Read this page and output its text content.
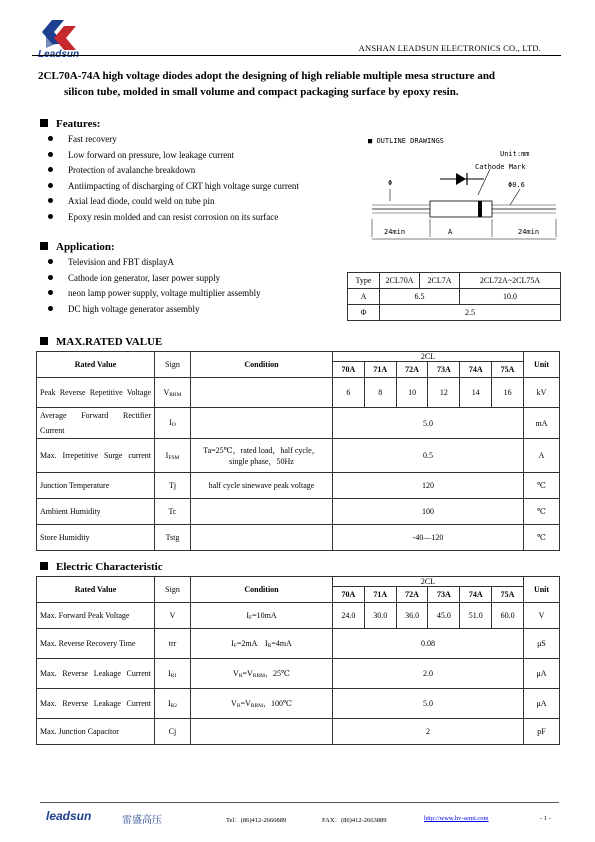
Leadsun
ANSHAN LEADSUN ELECTRONICS CO., LTD.
2CL70A-74A high voltage diodes adopt the designing of high reliable multiple mesa structure and
silicon tube, molded in small volume and compact packaging surface by epoxy resin.
Features:
Fast recovery
Low forward on pressure, low leakage current
Protection of avalanche breakdown
Antiimpacting of discharging of CRT high voltage surge current
Axial lead diode, could weld on tube pin
Epoxy resin molded and can resist corrosion on its surface
Application:
Television and FBT displayA
Cathode ion generator, laser power supply
neon lamp power supply, voltage multiplier assembly
DC high voltage generator assembly
■ OUTLINE DRAWINGS
Unit:mm
Cathode Mark
Φ	Φ0.6
24min	A	24min
Type	2CL70A	2CL7A	2CL72A~2CL75A
A	6.5		10.0
Φ	2.5		
MAX.RATED VALUE
Rated Value	Sign	Condition	2CL						Unit
			70A	71A	72A	73A	74A	75A	
Peak Reverse Repetitive Voltage	VRRM		6	8	10	12	14	16	kV
Average Forward Rectifier Current	IO		5.0						mA
Max. Irrepetitive Surge current	IFSM	Ta=25℃，rated load，half cycle，single phase，50Hz	0.5						A
Junction Temperature	Tj	half cycle sinewave peak voltage	120						℃
Ambient Humidity	Tc		100						℃
Store Humidity	Tstg		-40—120						℃
Electric Characteristic
Rated Value	Sign	Condition	2CL						Unit
			70A	71A	72A	73A	74A	75A	
Max. Forward Peak Voltage	V	IF=10mA	24.0	30.0	36.0	45.0	51.0	60.0	V
Max. Reverse Recovery Time	trr	IF=2mA　IR=4mA	0.08						μS
Max. Reverse Leakage Current	IR1	VR=VRRM，25℃	2.0						μA
Max. Reverse Leakage Current	IR2	VR=VRRM，100℃	5.0						μA
Max. Junction Capacitor	Cj		2						pF
leadsun	雷盛高压	Tel：(86)412-2660889	FAX：(86)412-2663889	http://www.hv-semi.com	- 1 -
